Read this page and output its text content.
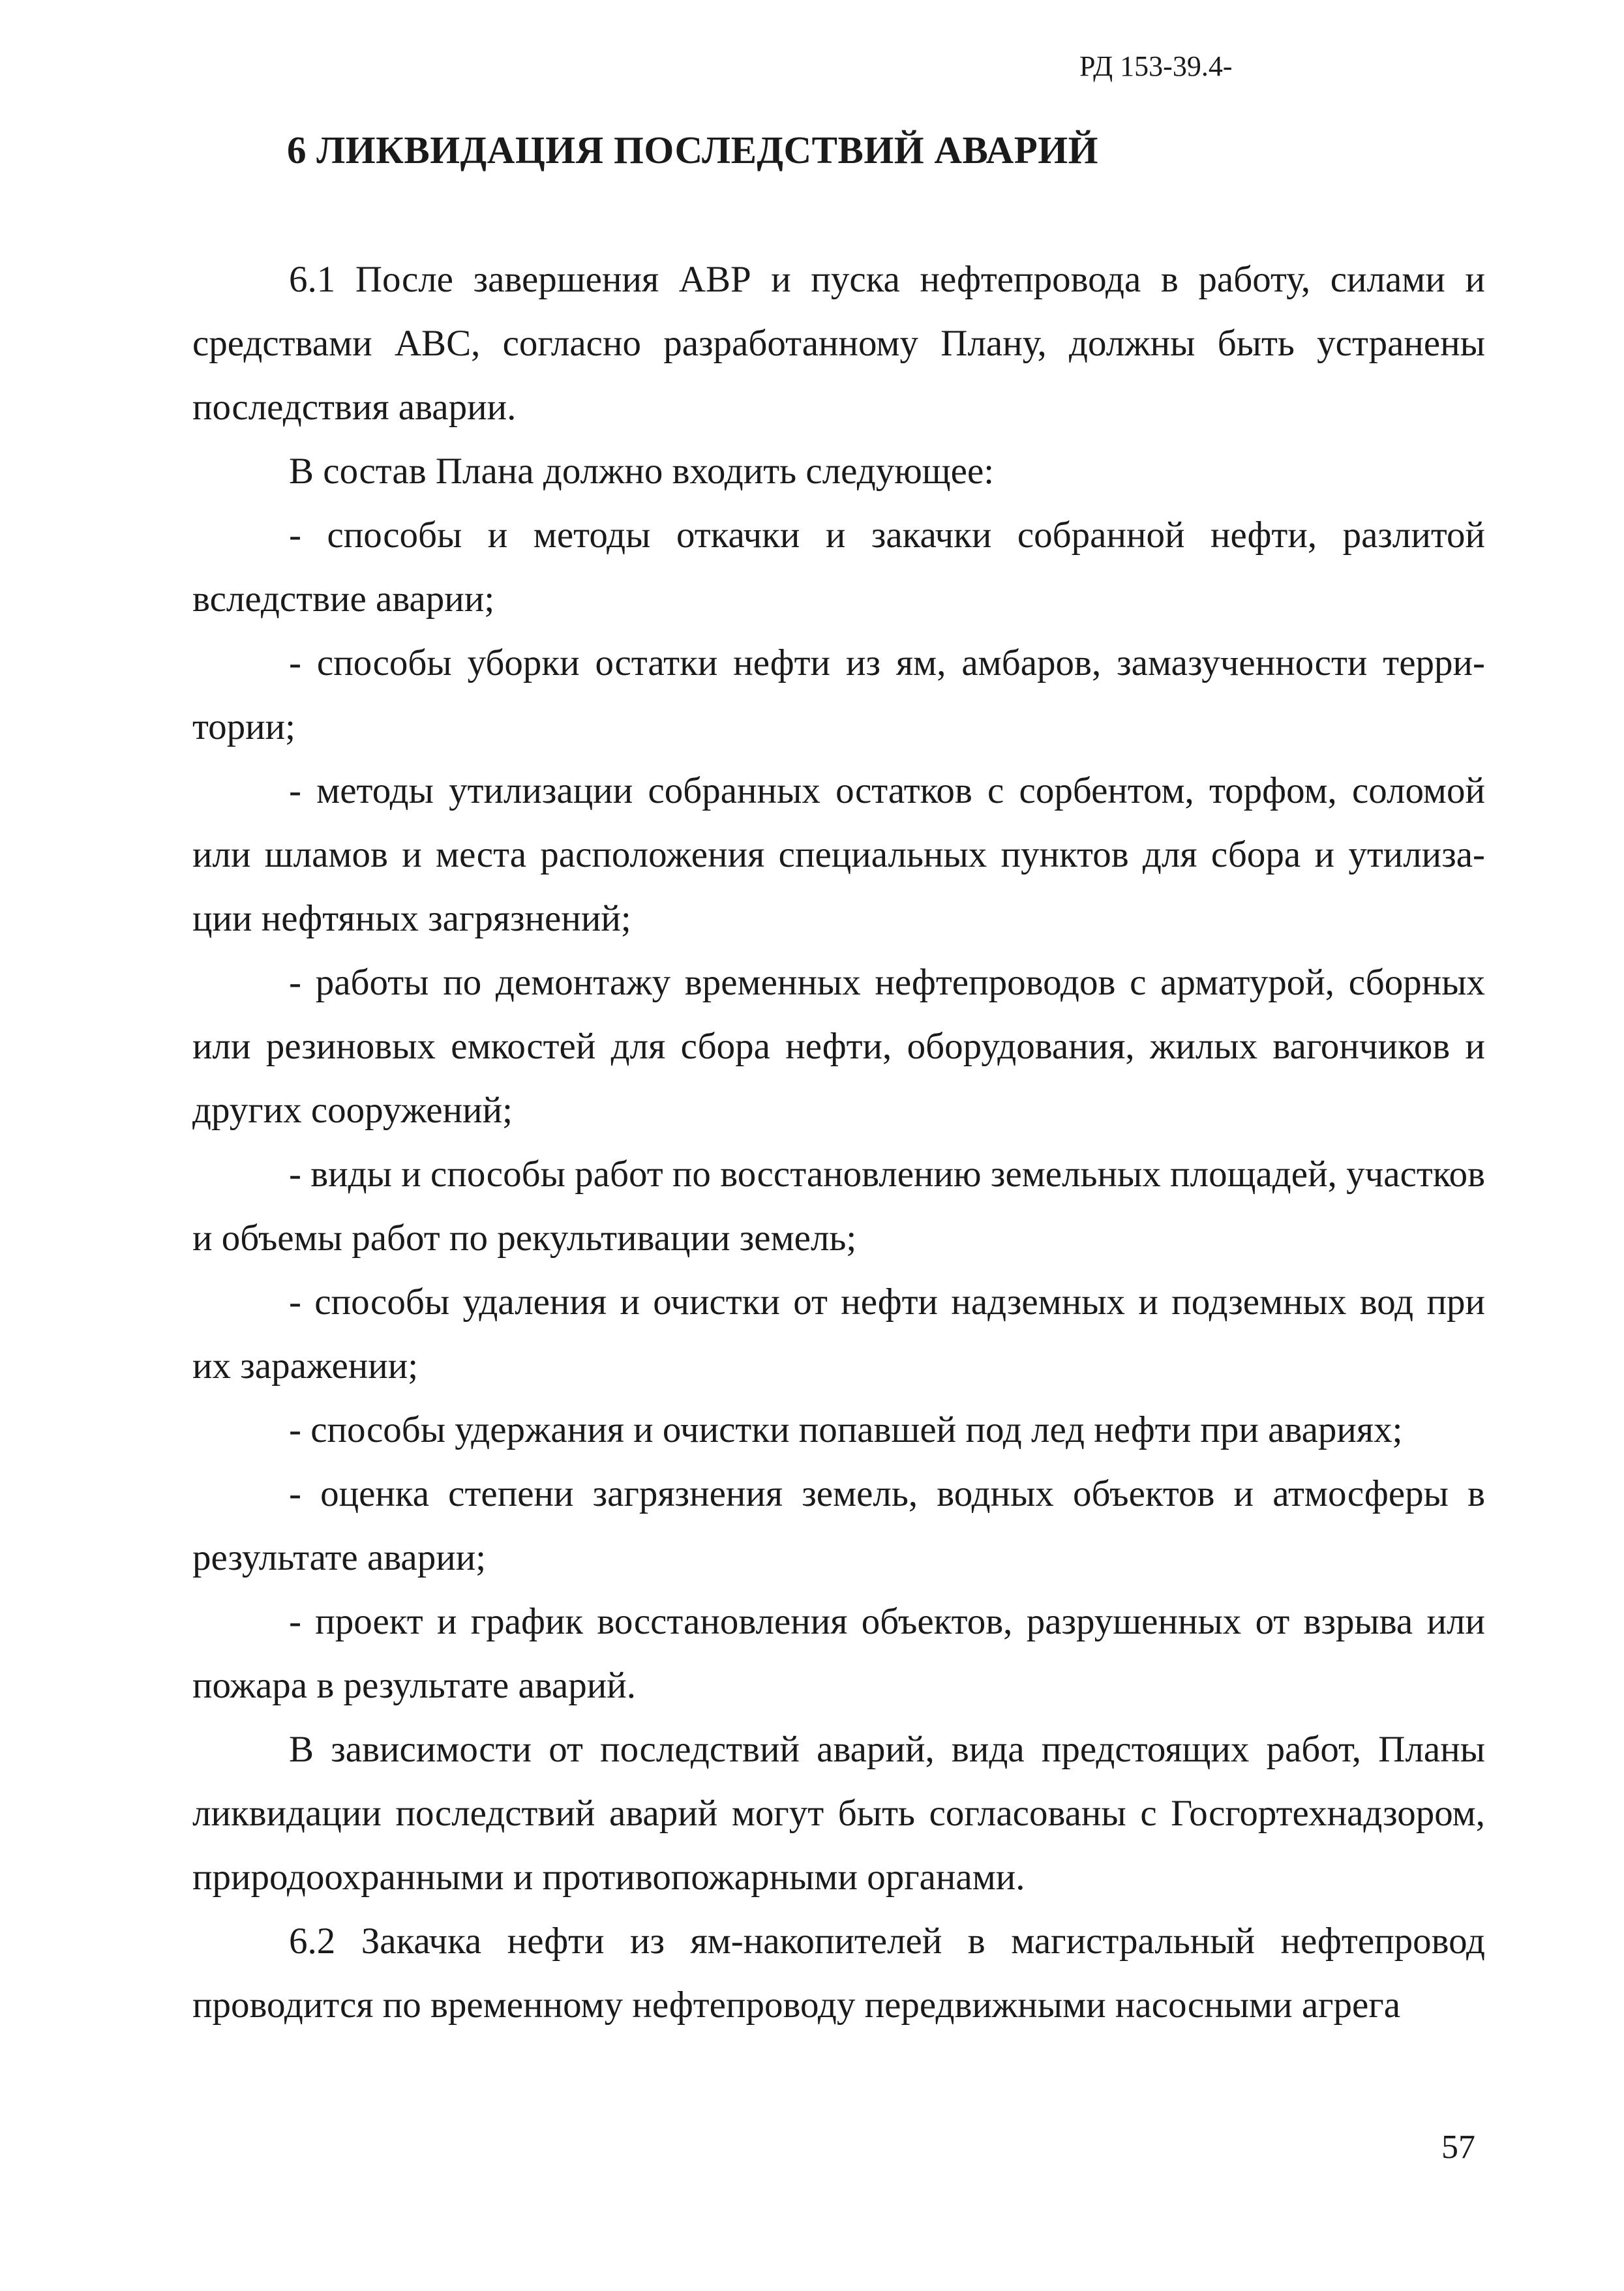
РД 153-39.4-
6 ЛИКВИДАЦИЯ ПОСЛЕДСТВИЙ АВАРИЙ

6.1 После завершения АВР и пуска нефтепровода в работу, силами и средствами АВС, согласно разработанному Плану, должны быть устранены последствия аварии.

В состав Плана должно входить следующее:

- способы и методы откачки и закачки собранной нефти, разлитой вследствие аварии;

- способы уборки остатки нефти из ям, амбаров, замазученности территории;

- методы утилизации собранных остатков с сорбентом, торфом, соломой или шламов и места расположения специальных пунктов для сбора и утилизации нефтяных загрязнений;

- работы по демонтажу временных нефтепроводов с арматурой, сборных или резиновых емкостей для сбора нефти, оборудования, жилых вагончиков и других сооружений;

- виды и способы работ по восстановлению земельных площадей, участков и объемы работ по рекультивации земель;

- способы удаления и очистки от нефти надземных и подземных вод при их заражении;

- способы удержания и очистки попавшей под лед нефти при авариях;

- оценка степени загрязнения земель, водных объектов и атмосферы в результате аварии;

- проект и график восстановления объектов, разрушенных от взрыва или пожара в результате аварий.

В зависимости от последствий аварий, вида предстоящих работ, Планы ликвидации последствий аварий могут быть согласованы с Госгортехнадзором, природоохранными и противопожарными органами.

6.2 Закачка нефти из ям-накопителей в магистральный нефтепровод проводится по временному нефтепроводу передвижными насосными агрега

57
